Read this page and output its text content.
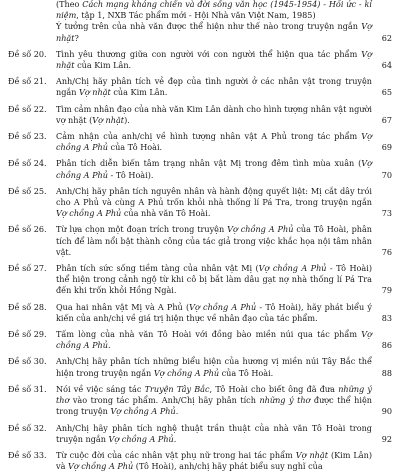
(Theo Cách mạng kháng chiến và đời sống văn học (1945-1954) - Hồi ức - kỉ niệm, tập 1, NXB Tác phẩm mới - Hội Nhà văn Việt Nam, 1985)
Ý tưởng trên của nhà văn được thể hiện như thế nào trong truyện ngắn Vợ nhặt?	62
Đề số 20. Tình yêu thương giữa con người với con người thể hiện qua tác phẩm Vợ nhặt của Kim Lân.	64
Đề số 21. Anh/Chị hãy phân tích vẻ đẹp của tình người ở các nhân vật trong truyện ngắn Vợ nhặt của Kim Lân.	65
Đề số 22. Tìm cảm nhân đạo của nhà văn Kim Lân dành cho hình tượng nhân vật người vợ nhặt (Vợ nhặt).	67
Đề số 23. Cảm nhận của anh/chị về hình tượng nhân vật A Phủ trong tác phẩm Vợ chồng A Phủ của Tô Hoài.	69
Đề số 24. Phân tích diễn biến tâm trạng nhân vật Mị trong đêm tình mùa xuân (Vợ chồng A Phủ - Tô Hoài).	70
Đề số 25. Anh/Chị hãy phân tích nguyên nhân và hành động quyết liệt: Mị cắt dây trói cho A Phủ và cùng A Phủ trốn khỏi nhà thống lí Pá Tra, trong truyện ngắn Vợ chồng A Phủ của nhà văn Tô Hoài.	73
Đề số 26. Từ lựa chọn một đoạn trích trong truyện Vợ chồng A Phủ của Tô Hoài, phân tích để làm nổi bật thành công của tác giả trong việc khắc họa nội tâm nhân vật.	76
Đề số 27. Phân tích sức sống tiềm tàng của nhân vật Mị (Vợ chồng A Phủ - Tô Hoài) thể hiện trong cảnh ngộ từ khi cô bị bắt làm dâu gạt nợ nhà thống lí Pá Tra đến khi trốn khỏi Hồng Ngài.	79
Đề số 28. Qua hai nhân vật Mị và A Phủ (Vợ chồng A Phủ - Tô Hoài), hãy phát biểu ý kiến của anh/chị về giá trị hiện thực về nhân đạo của tác phẩm.	83
Đề số 29. Tấm lòng của nhà văn Tô Hoài với đồng bào miền núi qua tác phẩm Vợ chồng A Phủ.	86
Đề số 30. Anh/Chị hãy phân tích những biểu hiện của hương vị miền núi Tây Bắc thể hiện trong truyện ngắn Vợ chồng A Phủ của Tô Hoài.	88
Đề số 31. Nói về việc sáng tác Truyện Tây Bắc, Tô Hoài cho biết ông đã đưa những ý thơ vào trong tác phẩm. Anh/Chị hãy phân tích những ý thơ được thể hiện trong truyện Vợ chồng A Phủ.	90
Đề số 32. Anh/Chị hãy phân tích nghệ thuật trần thuật của nhà văn Tô Hoài trong truyện ngắn Vợ chồng A Phủ.	92
Đề số 33. Từ cuộc đời của các nhân vật phụ nữ trong hai tác phẩm Vợ nhặt (Kim Lân) và Vợ chồng A Phủ (Tô Hoài), anh/chị hãy phát biểu suy nghĩ của
